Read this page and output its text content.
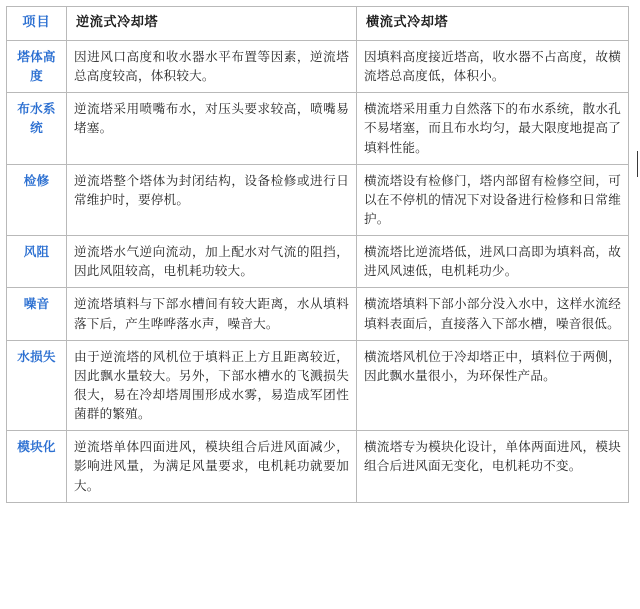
项目	逆流式冷却塔	横流式冷却塔
塔体高度	因进风口高度和收水器水平布置等因素，逆流塔总高度较高，体积较大。	因填料高度接近塔高，收水器不占高度，故横流塔总高度低，体积小。
布水系统	逆流塔采用喷嘴布水，对压头要求较高，喷嘴易堵塞。	横流塔采用重力自然落下的布水系统，散水孔不易堵塞，而且布水均匀，最大限度地提高了填料性能。
检修	逆流塔整个塔体为封闭结构，设备检修或进行日常维护时，要停机。	横流塔设有检修门，塔内部留有检修空间，可以在不停机的情况下对设备进行检修和日常维护。
风阻	逆流塔水气逆向流动，加上配水对气流的阻挡，因此风阻较高，电机耗功较大。	横流塔比逆流塔低，进风口高即为填料高，故进风风速低，电机耗功少。
噪音	逆流塔填料与下部水槽间有较大距离，水从填料落下后，产生哗哗落水声，噪音大。	横流塔填料下部小部分没入水中，这样水流经填料表面后，直接落入下部水槽，噪音很低。
水损失	由于逆流塔的风机位于填料正上方且距离较近，因此飘水量较大。另外，下部水槽水的飞溅损失很大，易在冷却塔周围形成水雾，易造成军团性菌群的繁殖。	横流塔风机位于冷却塔正中，填料位于两侧，因此飘水量很小，为环保性产品。
模块化	逆流塔单体四面进风，模块组合后进风面减少，影响进风量，为满足风量要求，电机耗功就要加大。	横流塔专为模块化设计，单体两面进风，模块组合后进风面无变化，电机耗功不变。
